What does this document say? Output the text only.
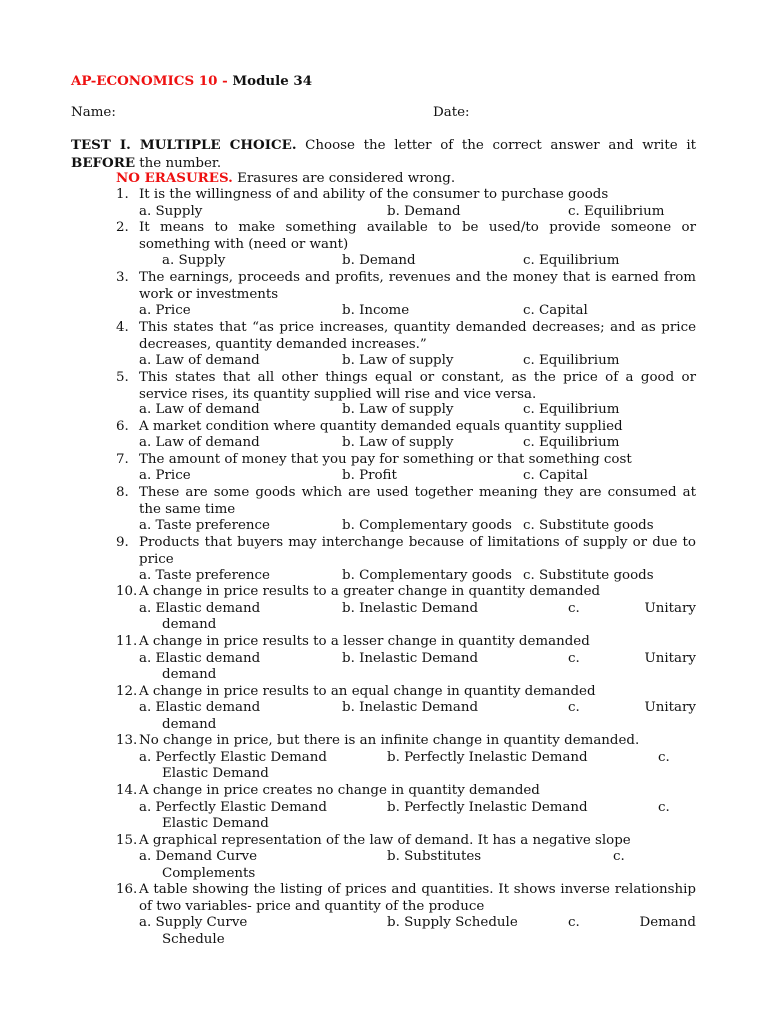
AP-ECONOMICS 10 - Module 34
Name:	Date:
TEST I. MULTIPLE CHOICE. Choose the letter of the correct answer and write it BEFORE the number.
NO ERASURES. Erasures are considered wrong.
1. It is the willingness of and ability of the consumer to purchase goods
a. Supply	b. Demand	c. Equilibrium
2. It means to make something available to be used/to provide someone or something with (need or want)
a. Supply	b. Demand	c. Equilibrium
3. The earnings, proceeds and profits, revenues and the money that is earned from work or investments
a. Price	b. Income	c. Capital
4. This states that “as price increases, quantity demanded decreases; and as price decreases, quantity demanded increases.”
a. Law of demand	b. Law of supply	c. Equilibrium
5. This states that all other things equal or constant, as the price of a good or service rises, its quantity supplied will rise and vice versa.
a. Law of demand	b. Law of supply	c. Equilibrium
6. A market condition where quantity demanded equals quantity supplied
a. Law of demand	b. Law of supply	c. Equilibrium
7. The amount of money that you pay for something or that something cost
a. Price	b. Profit	c. Capital
8. These are some goods which are used together meaning they are consumed at the same time
a. Taste preference	b. Complementary goods c. Substitute goods
9. Products that buyers may interchange because of limitations of supply or due to price
a. Taste preference	b. Complementary goods c. Substitute goods
10. A change in price results to a greater change in quantity demanded
a. Elastic demand	b. Inelastic Demand	c.	Unitary
demand
11. A change in price results to a lesser change in quantity demanded
a. Elastic demand	b. Inelastic Demand	c.	Unitary
demand
12. A change in price results to an equal change in quantity demanded
a. Elastic demand	b. Inelastic Demand	c.	Unitary
demand
13. No change in price, but there is an infinite change in quantity demanded.
a. Perfectly Elastic Demand	b. Perfectly Inelastic Demand	c.
Elastic Demand
14. A change in price creates no change in quantity demanded
a. Perfectly Elastic Demand	b. Perfectly Inelastic Demand	c.
Elastic Demand
15. A graphical representation of the law of demand. It has a negative slope
a. Demand Curve	b. Substitutes	c.
Complements
16. A table showing the listing of prices and quantities. It shows inverse relationship of two variables- price and quantity of the produce
a. Supply Curve	b. Supply Schedule	c.	Demand
Schedule
